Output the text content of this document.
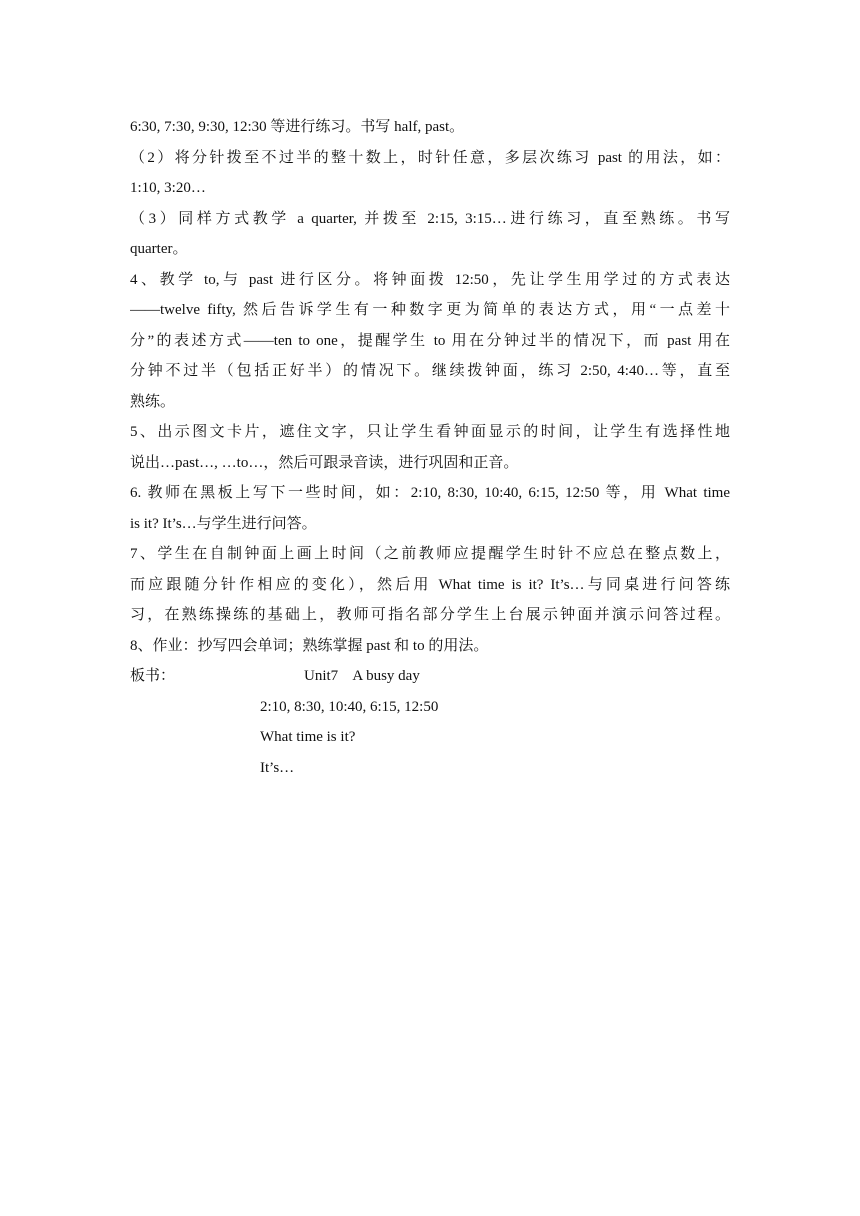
6:30, 7:30, 9:30, 12:30 等进行练习。书写 half, past。
（2）将分针拨至不过半的整十数上，时针任意，多层次练习 past 的用法，如：
1:10, 3:20…
（3）同样方式教学 a quarter, 并拨至 2:15, 3:15…进行练习，直至熟练。书写
quarter。
4、教学 to,与 past 进行区分。将钟面拨 12:50，先让学生用学过的方式表达
——twelve fifty, 然后告诉学生有一种数字更为简单的表达方式，用“一点差十
分”的表述方式——ten to one，提醒学生 to 用在分钟过半的情况下，而 past 用在
分钟不过半（包括正好半）的情况下。继续拨钟面，练习 2:50, 4:40…等，直至
熟练。
5、出示图文卡片，遮住文字，只让学生看钟面显示的时间，让学生有选择性地
说出…past…, …to…，然后可跟录音读，进行巩固和正音。
6. 教师在黑板上写下一些时间，如：2:10, 8:30, 10:40, 6:15, 12:50 等，用 What time
is it? It’s…与学生进行问答。
7、学生在自制钟面上画上时间（之前教师应提醒学生时针不应总在整点数上，
而应跟随分针作相应的变化），然后用 What time is it? It’s…与同桌进行问答练
习，在熟练操练的基础上，教师可指名部分学生上台展示钟面并演示问答过程。
8、作业：抄写四会单词；熟练掌握 past 和 to 的用法。
板书：	Unit7    A busy day
2:10, 8:30, 10:40, 6:15, 12:50
What time is it?
It’s…
